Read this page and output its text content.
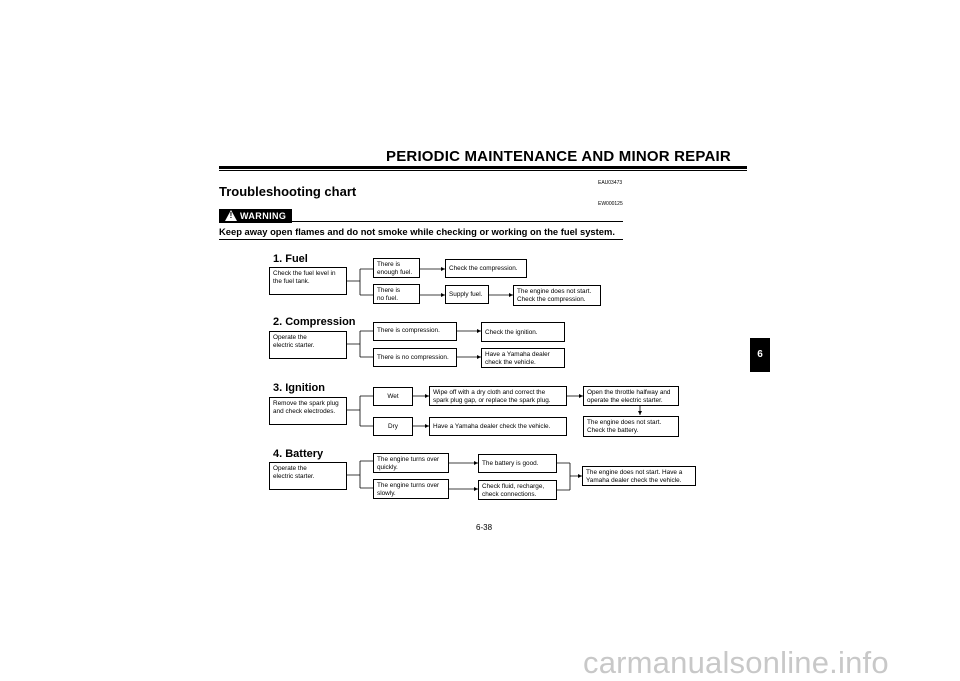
PERIODIC MAINTENANCE AND MINOR REPAIR
EAU03473
Troubleshooting chart
EW000125
! WARNING
Keep away open flames and do not smoke while checking or working on the fuel system.
6
1. Fuel
Check the fuel level in
the fuel tank.
There is
enough fuel.
There is
no fuel.
Check the compression.
Supply fuel.	The engine does not start.
Check the compression.
2. Compression
Operate the
electric starter.
There is compression.
There is no compression.
Check the ignition.
Have a Yamaha dealer
check the vehicle.
3. Ignition
Remove the spark plug
and check electrodes.
Wet
Dry
Wipe off with a dry cloth and correct the
spark plug gap, or replace the spark plug.
Have a Yamaha dealer check the vehicle.
Open the throttle halfway and
operate the electric starter.
The engine does not start.
Check the battery.
4. Battery
Operate the
electric starter.
The engine turns over
quickly.
The engine turns over
slowly.
The battery is good.
Check fluid, recharge,
check connections.
The engine does not start. Have a
Yamaha dealer check the vehicle.
6-38
carmanualsonline.info
